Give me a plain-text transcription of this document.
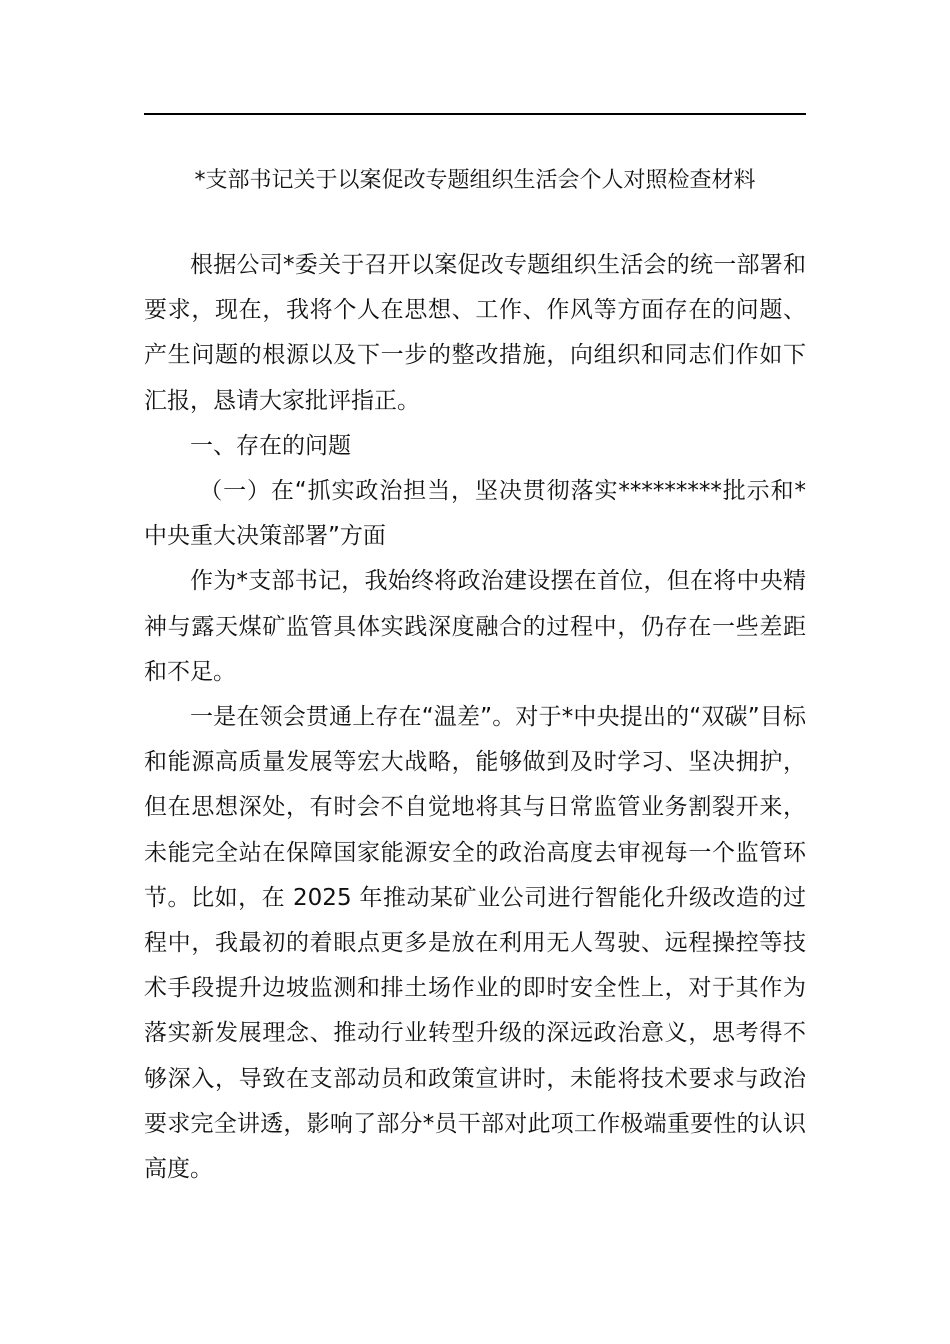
*支部书记关于以案促改专题组织生活会个人对照检查材料

根据公司*委关于召开以案促改专题组织生活会的统一部署和要求，现在，我将个人在思想、工作、作风等方面存在的问题、产生问题的根源以及下一步的整改措施，向组织和同志们作如下汇报，恳请大家批评指正。

一、存在的问题

（一）在“抓实政治担当，坚决贯彻落实*********批示和*中央重大决策部署”方面

作为*支部书记，我始终将政治建设摆在首位，但在将中央精神与露天煤矿监管具体实践深度融合的过程中，仍存在一些差距和不足。

一是在领会贯通上存在“温差”。对于*中央提出的“双碳”目标和能源高质量发展等宏大战略，能够做到及时学习、坚决拥护，但在思想深处，有时会不自觉地将其与日常监管业务割裂开来，未能完全站在保障国家能源安全的政治高度去审视每一个监管环节。比如，在 2025 年推动某矿业公司进行智能化升级改造的过程中，我最初的着眼点更多是放在利用无人驾驶、远程操控等技术手段提升边坡监测和排土场作业的即时安全性上，对于其作为落实新发展理念、推动行业转型升级的深远政治意义，思考得不够深入，导致在支部动员和政策宣讲时，未能将技术要求与政治要求完全讲透，影响了部分*员干部对此项工作极端重要性的认识高度。
